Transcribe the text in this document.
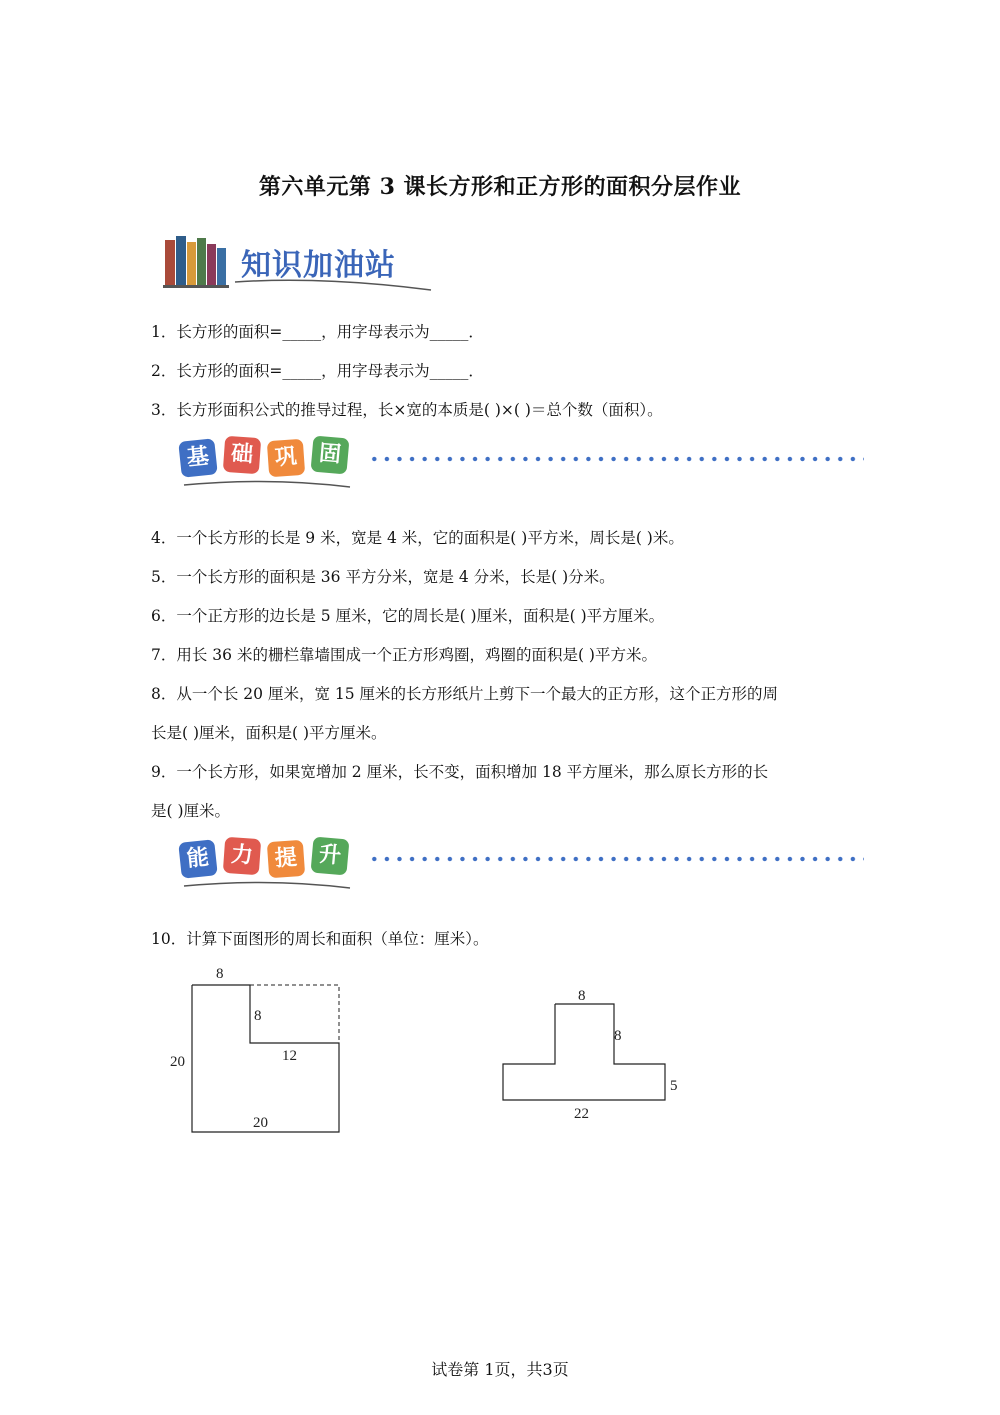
第六单元第 3 课长方形和正方形的面积分层作业
知识加油站
1．长方形的面积=_____，用字母表示为_____．
2．长方形的面积=_____，用字母表示为_____．
3．长方形面积公式的推导过程，长×宽的本质是( )×( )＝总个数（面积）。
基 础 巩 固
4．一个长方形的长是 9 米，宽是 4 米，它的面积是( )平方米，周长是( )米。
5．一个长方形的面积是 36 平方分米，宽是 4 分米，长是( )分米。
6．一个正方形的边长是 5 厘米，它的周长是( )厘米，面积是( )平方厘米。
7．用长 36 米的栅栏靠墙围成一个正方形鸡圈，鸡圈的面积是( )平方米。
8．从一个长 20 厘米，宽 15 厘米的长方形纸片上剪下一个最大的正方形，这个正方形的周
长是( )厘米，面积是( )平方厘米。
9．一个长方形，如果宽增加 2 厘米，长不变，面积增加 18 平方厘米，那么原长方形的长
是( )厘米。
能 力 提 升
10．计算下面图形的周长和面积（单位：厘米）。
8
8
20	12
20
8
8
5
22
试卷第 1页，共3页
